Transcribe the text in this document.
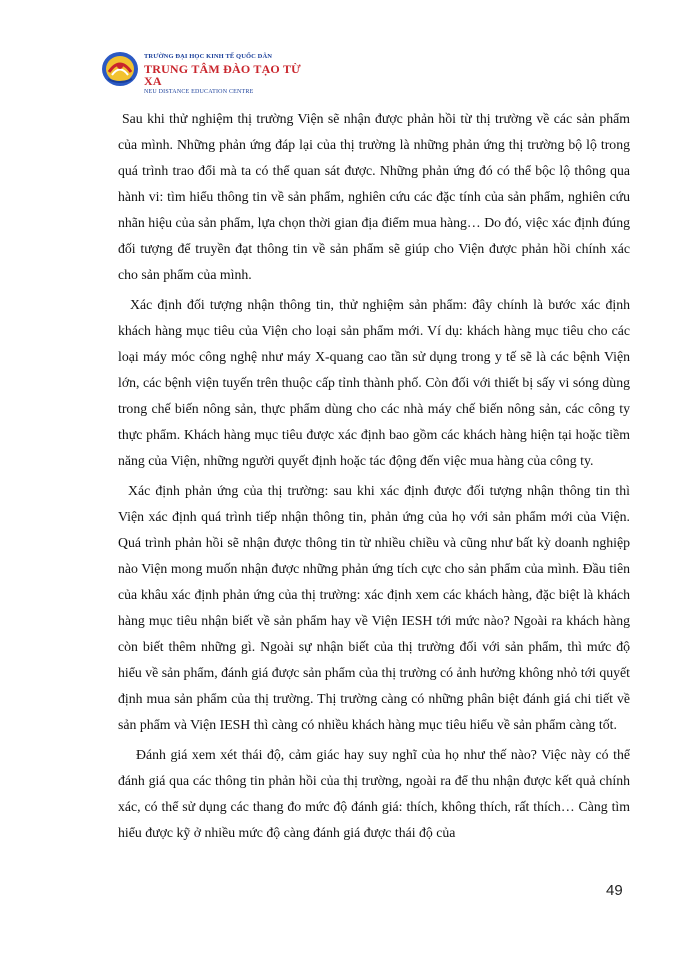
TRƯỜNG ĐẠI HỌC KINH TẾ QUỐC DÂN
TRUNG TÂM ĐÀO TẠO TỪ XA
NEU DISTANCE EDUCATION CENTRE

Sau khi thử nghiệm thị trường Viện sẽ nhận được phản hồi từ thị trường về các sản phẩm của mình. Những phản ứng đáp lại của thị trường là những phản ứng thị trường bộ lộ trong quá trình trao đổi mà ta có thể quan sát được. Những phản ứng đó có thể bộc lộ thông qua hành vi: tìm hiểu thông tin về sản phẩm, nghiên cứu các đặc tính của sản phẩm, nghiên cứu nhãn hiệu của sản phẩm, lựa chọn thời gian địa điểm mua hàng… Do đó, việc xác định đúng đối tượng để truyền đạt thông tin về sản phẩm sẽ giúp cho Viện được phản hồi chính xác cho sản phẩm của mình.

Xác định đối tượng nhận thông tin, thử nghiệm sản phẩm: đây chính là bước xác định khách hàng mục tiêu của Viện cho loại sản phẩm mới. Ví dụ: khách hàng mục tiêu cho các loại máy móc công nghệ như máy X-quang cao tần sử dụng trong y tế sẽ là các bệnh Viện lớn, các bệnh viện tuyến trên thuộc cấp tỉnh thành phố. Còn đối với thiết bị sấy vi sóng dùng trong chế biến nông sản, thực phẩm dùng cho các nhà máy chế biến nông sản, các công ty thực phẩm. Khách hàng mục tiêu được xác định bao gồm các khách hàng hiện tại hoặc tiềm năng của Viện, những người quyết định hoặc tác động đến việc mua hàng của công ty.

Xác định phản ứng của thị trường: sau khi xác định được đối tượng nhận thông tin thì Viện xác định quá trình tiếp nhận thông tin, phản ứng của họ với sản phẩm mới của Viện. Quá trình phản hồi sẽ nhận được thông tin từ nhiều chiều và cũng như bất kỳ doanh nghiệp nào Viện mong muốn nhận được những phản ứng tích cực cho sản phẩm của mình. Đầu tiên của khâu xác định phản ứng của thị trường: xác định xem các khách hàng, đặc biệt là khách hàng mục tiêu nhận biết về sản phẩm hay về Viện IESH tới mức nào? Ngoài ra khách hàng còn biết thêm những gì. Ngoài sự nhận biết của thị trường đối với sản phẩm, thì mức độ hiểu về sản phẩm, đánh giá được sản phẩm của thị trường có ảnh hưởng không nhỏ tới quyết định mua sản phẩm của thị trường. Thị trường càng có những phân biệt đánh giá chi tiết về sản phẩm và Viện IESH thì càng có nhiều khách hàng mục tiêu hiểu về sản phẩm càng tốt.

Đánh giá xem xét thái độ, cảm giác hay suy nghĩ của họ như thế nào? Việc này có thể đánh giá qua các thông tin phản hồi của thị trường, ngoài ra để thu nhận được kết quả chính xác, có thể sử dụng các thang đo mức độ đánh giá: thích, không thích, rất thích… Càng tìm hiểu được kỹ ở nhiều mức độ càng đánh giá được thái độ của

49
